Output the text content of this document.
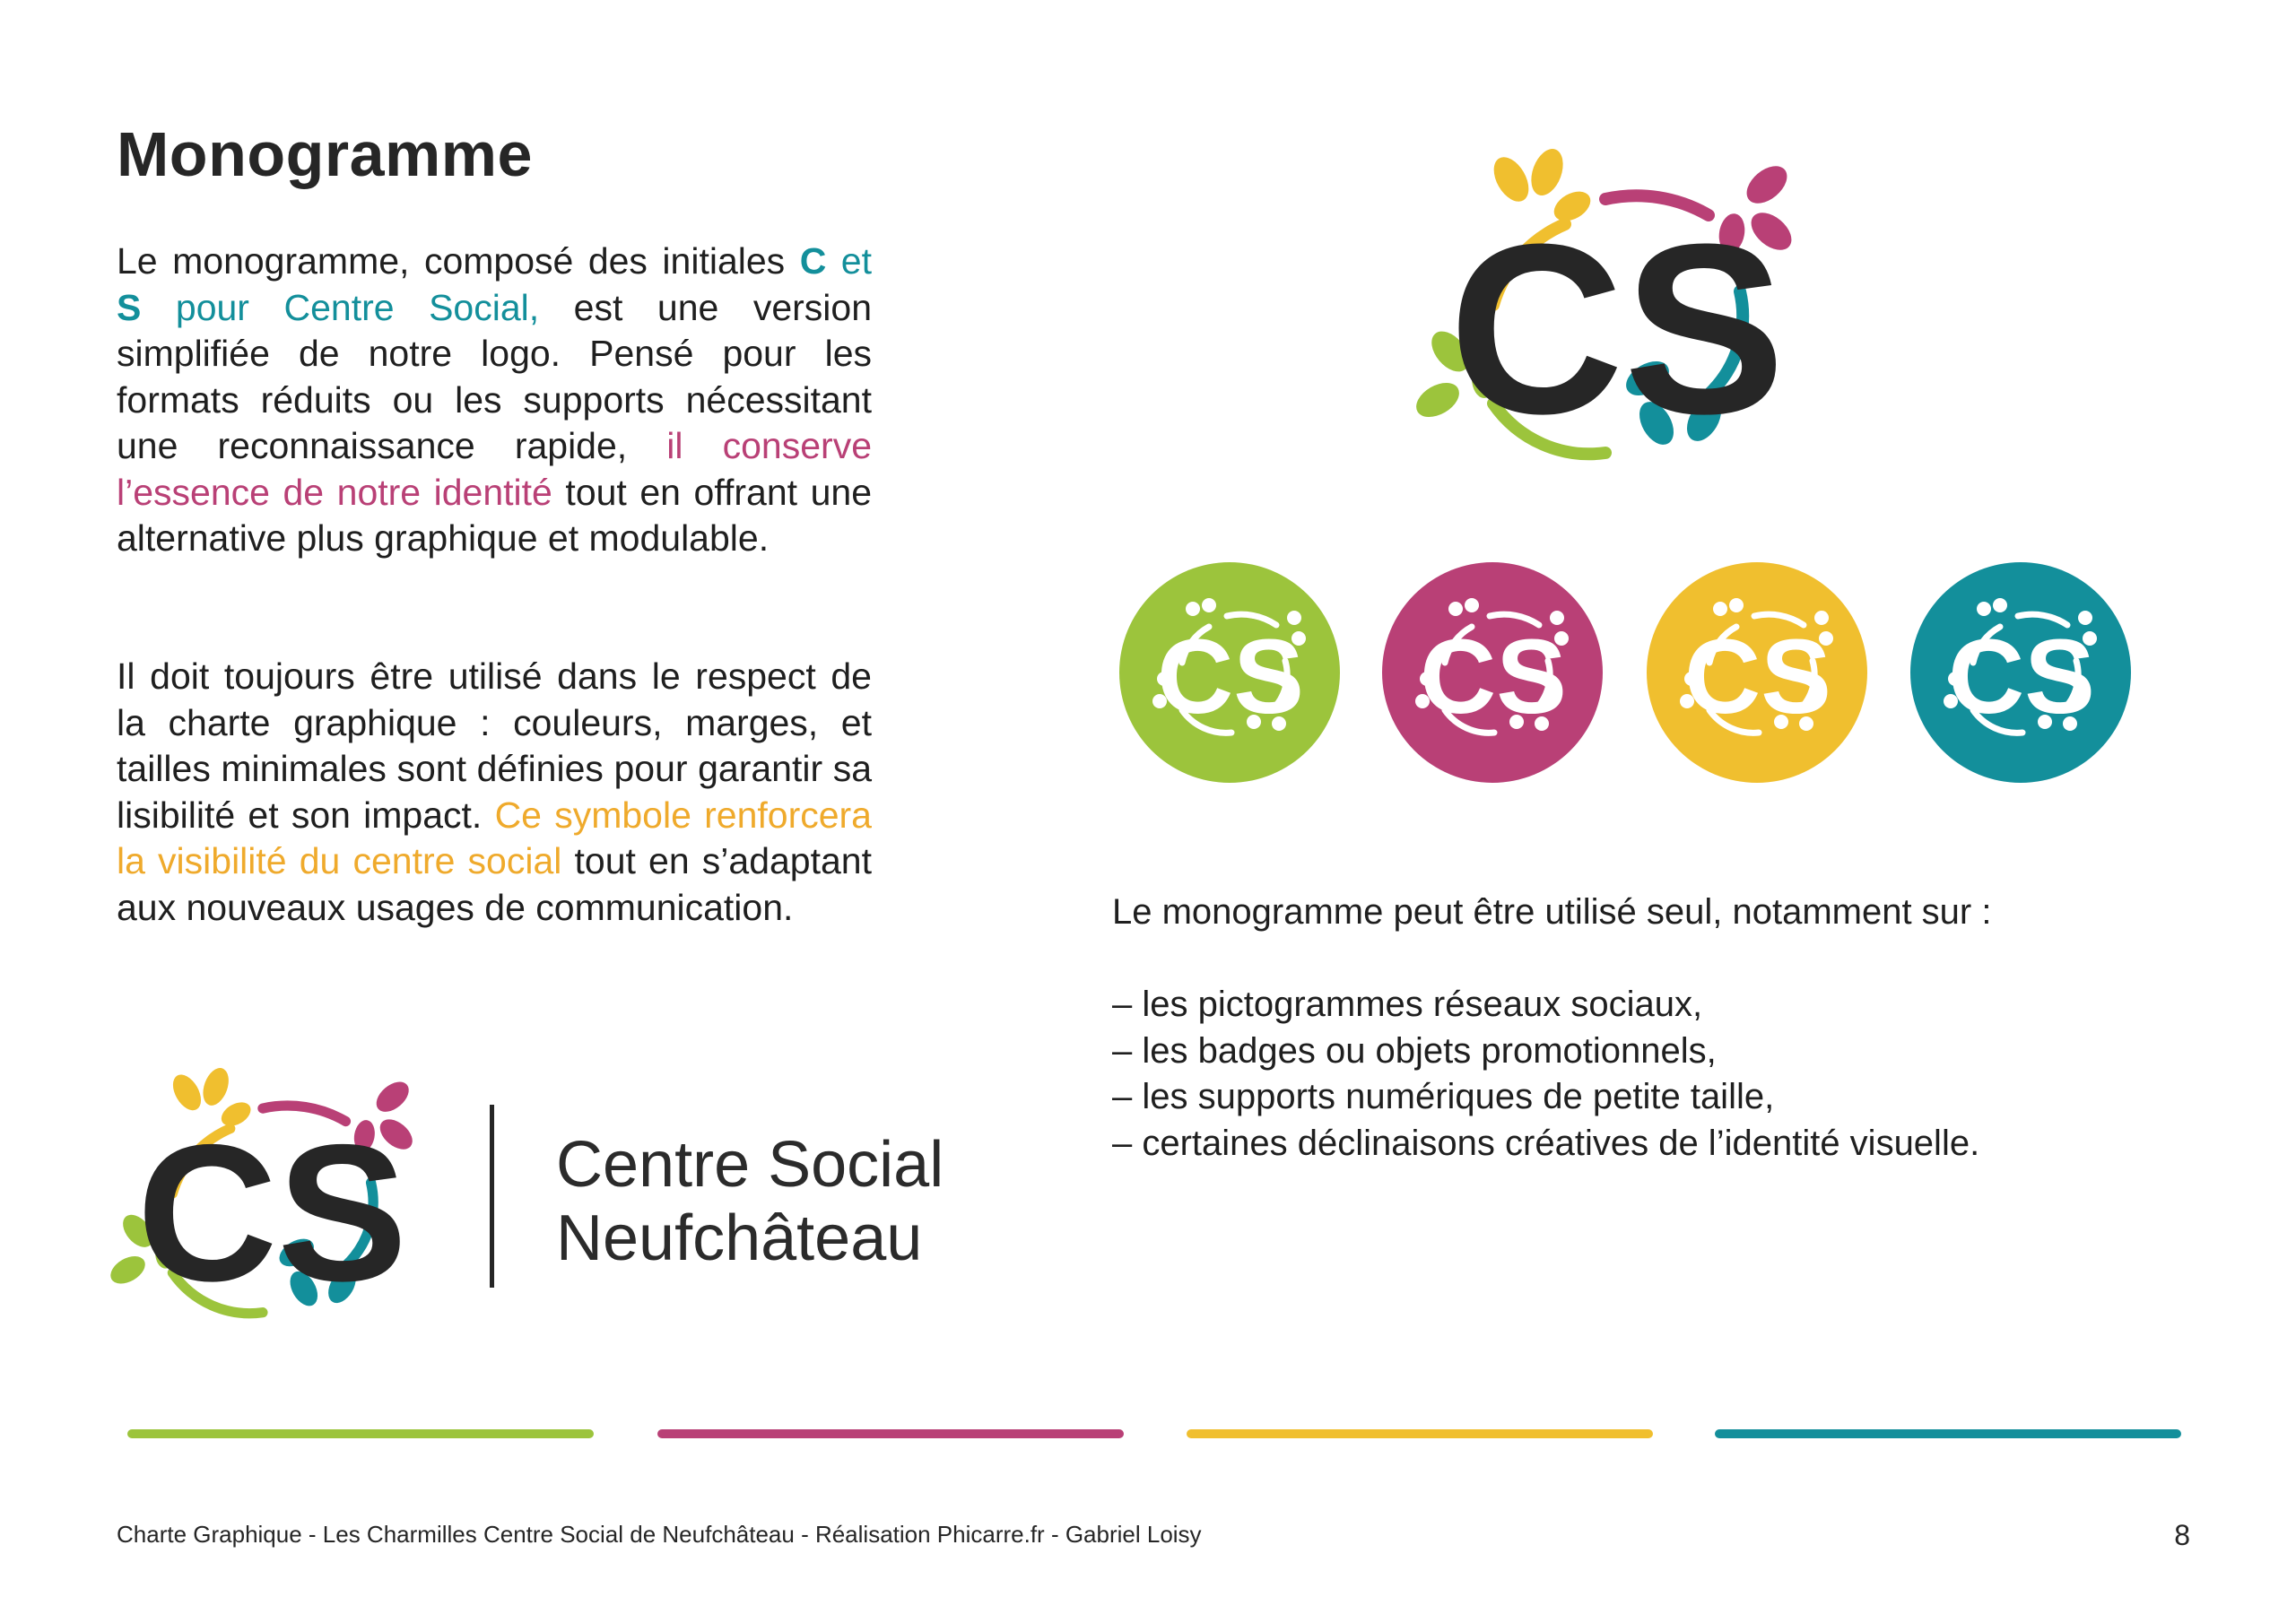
Monogramme
Le monogramme, composé des initiales C et S pour Centre Social, est une version simplifiée de notre logo. Pensé pour les formats réduits ou les supports nécessitant une reconnaissance rapide, il conserve l’essence de notre identité tout en offrant une alternative plus graphique et modulable.
Il doit toujours être utilisé dans le respect de la charte graphique : couleurs, marges, et tailles minimales sont définies pour garantir sa lisibilité et son impact. Ce symbole renforcera la visibilité du centre social tout en s’adaptant aux nouveaux usages de communication.
CS
CS CS CS CS

Le monogramme peut être utilisé seul, notamment sur :

– les pictogrammes réseaux sociaux,

– les badges ou objets promotionnels,

– les supports numériques de petite taille,

– certaines déclinaisons créatives de l’identité visuelle.

CS Centre Social
Neufchâteau
Charte Graphique - Les Charmilles Centre Social de Neufchâteau - Réalisation Phicarre.fr - Gabriel Loisy	8
